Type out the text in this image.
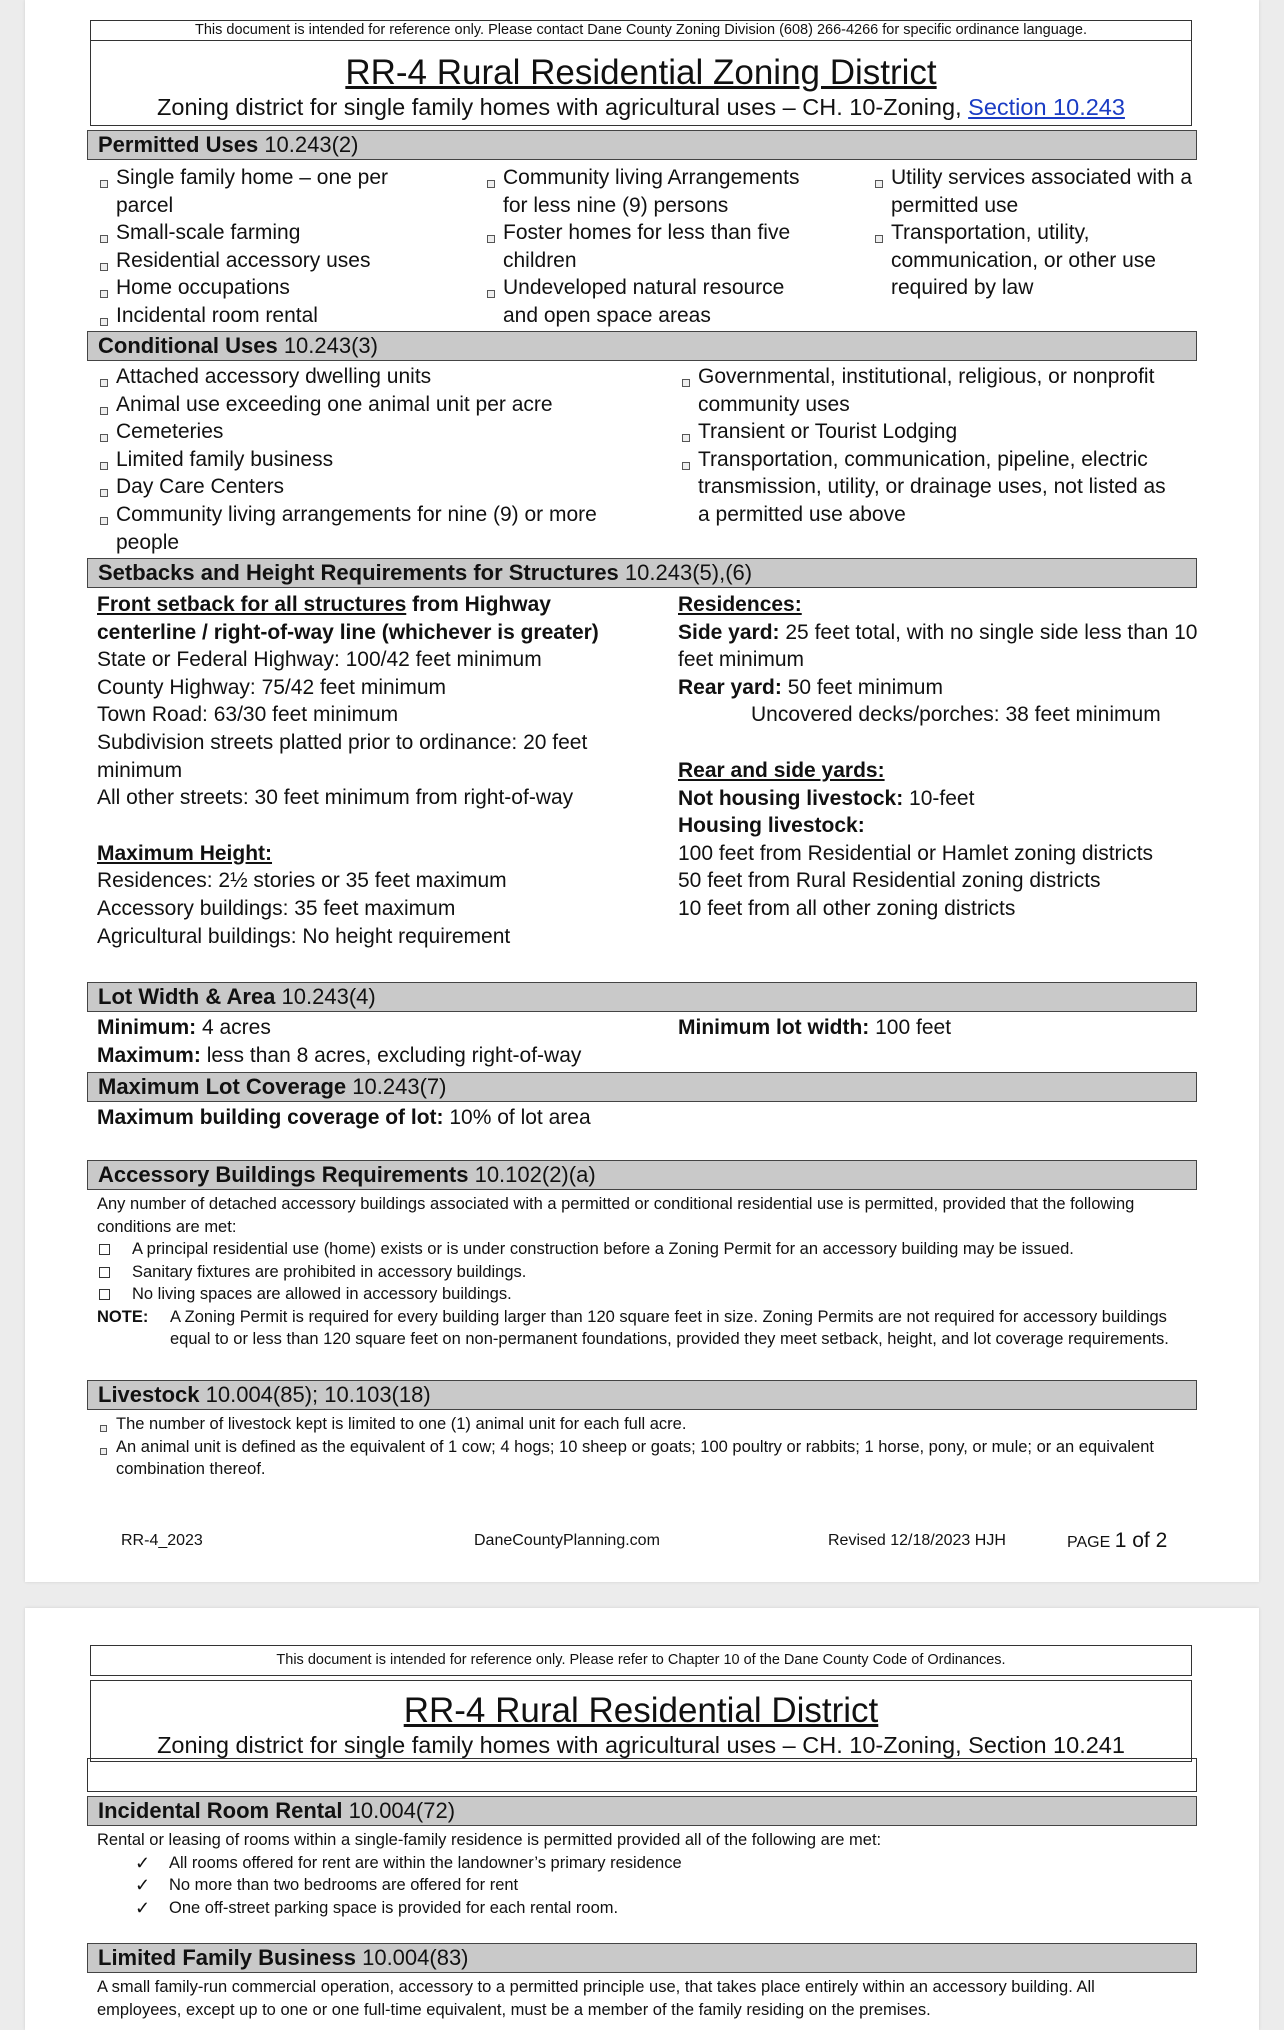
This document is intended for reference only. Please contact Dane County Zoning Division (608) 266-4266 for specific ordinance language.
RR-4 Rural Residential Zoning District
Zoning district for single family homes with agricultural uses – CH. 10-Zoning, Section 10.243
Permitted Uses 10.243(2)
Single family home – one per
parcel
Small-scale farming
Residential accessory uses
Home occupations
Incidental room rental
Community living Arrangements
for less nine (9) persons
Foster homes for less than five
children
Undeveloped natural resource
and open space areas
Utility services associated with a
permitted use
Transportation, utility,
communication, or other use
required by law
Conditional Uses 10.243(3)
Attached accessory dwelling units
Animal use exceeding one animal unit per acre
Cemeteries
Limited family business
Day Care Centers
Community living arrangements for nine (9) or more
people
Governmental, institutional, religious, or nonprofit
community uses
Transient or Tourist Lodging
Transportation, communication, pipeline, electric
transmission, utility, or drainage uses, not listed as
a permitted use above
Setbacks and Height Requirements for Structures 10.243(5),(6)
Front setback for all structures from Highway
centerline / right-of-way line (whichever is greater)
State or Federal Highway: 100/42 feet minimum
County Highway: 75/42 feet minimum
Town Road: 63/30 feet minimum
Subdivision streets platted prior to ordinance: 20 feet
minimum
All other streets: 30 feet minimum from right-of-way
Maximum Height:
Residences: 2½ stories or 35 feet maximum
Accessory buildings: 35 feet maximum
Agricultural buildings: No height requirement
Residences:
Side yard: 25 feet total, with no single side less than 10
feet minimum
Rear yard: 50 feet minimum
Uncovered decks/porches: 38 feet minimum
Rear and side yards:
Not housing livestock: 10-feet
Housing livestock:
100 feet from Residential or Hamlet zoning districts
50 feet from Rural Residential zoning districts
10 feet from all other zoning districts
Lot Width & Area 10.243(4)
Minimum: 4 acres
Maximum: less than 8 acres, excluding right-of-way
Minimum lot width: 100 feet
Maximum Lot Coverage 10.243(7)
Maximum building coverage of lot: 10% of lot area
Accessory Buildings Requirements 10.102(2)(a)
Any number of detached accessory buildings associated with a permitted or conditional residential use is permitted, provided that the following
conditions are met:
A principal residential use (home) exists or is under construction before a Zoning Permit for an accessory building may be issued.
Sanitary fixtures are prohibited in accessory buildings.
No living spaces are allowed in accessory buildings.
NOTE:	A Zoning Permit is required for every building larger than 120 square feet in size. Zoning Permits are not required for accessory buildings
equal to or less than 120 square feet on non-permanent foundations, provided they meet setback, height, and lot coverage requirements.
Livestock 10.004(85); 10.103(18)
The number of livestock kept is limited to one (1) animal unit for each full acre.
An animal unit is defined as the equivalent of 1 cow; 4 hogs; 10 sheep or goats; 100 poultry or rabbits; 1 horse, pony, or mule; or an equivalent
combination thereof.
RR-4_2023	DaneCountyPlanning.com	Revised 12/18/2023 HJH	PAGE 1 of 2
This document is intended for reference only. Please refer to Chapter 10 of the Dane County Code of Ordinances.
RR-4 Rural Residential District
Zoning district for single family homes with agricultural uses – CH. 10-Zoning, Section 10.241
Incidental Room Rental 10.004(72)
Rental or leasing of rooms within a single-family residence is permitted provided all of the following are met:
✓ All rooms offered for rent are within the landowner’s primary residence
✓ No more than two bedrooms are offered for rent
✓ One off-street parking space is provided for each rental room.
Limited Family Business 10.004(83)
A small family-run commercial operation, accessory to a permitted principle use, that takes place entirely within an accessory building. All
employees, except up to one or one full-time equivalent, must be a member of the family residing on the premises.
